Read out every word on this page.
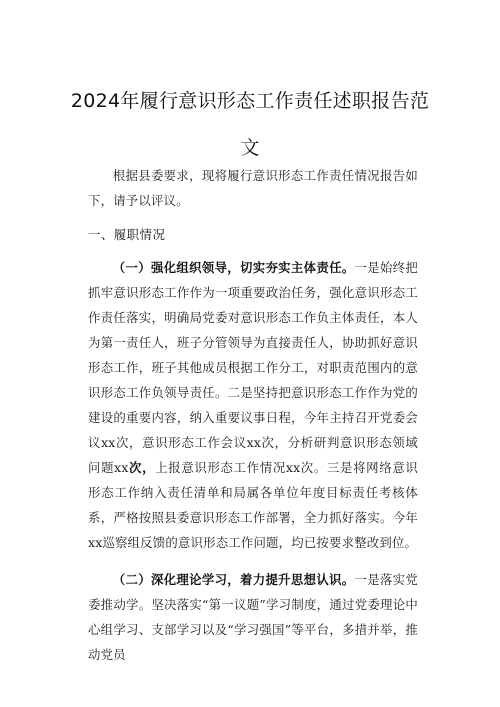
2024年履行意识形态工作责任述职报告范
文
根据县委要求，现将履行意识形态工作责任情况报告如下，请予以评议。
一、履职情况
（一）强化组织领导，切实夯实主体责任。一是始终把抓牢意识形态工作作为一项重要政治任务，强化意识形态工作责任落实，明确局党委对意识形态工作负主体责任，本人为第一责任人，班子分管领导为直接责任人，协助抓好意识形态工作，班子其他成员根据工作分工，对职责范围内的意识形态工作负领导责任。二是坚持把意识形态工作作为党的建设的重要内容，纳入重要议事日程，今年主持召开党委会议xx次，意识形态工作会议xx次，分析研判意识形态领域问题xx次，上报意识形态工作情况xx次。三是将网络意识形态工作纳入责任清单和局属各单位年度目标责任考核体系，严格按照县委意识形态工作部署，全力抓好落实。今年xx巡察组反馈的意识形态工作问题，均已按要求整改到位。
（二）深化理论学习，着力提升思想认识。一是落实党委推动学。坚决落实“第一议题”学习制度，通过党委理论中心组学习、支部学习以及“学习强国”等平台，多措并举，推动党员
